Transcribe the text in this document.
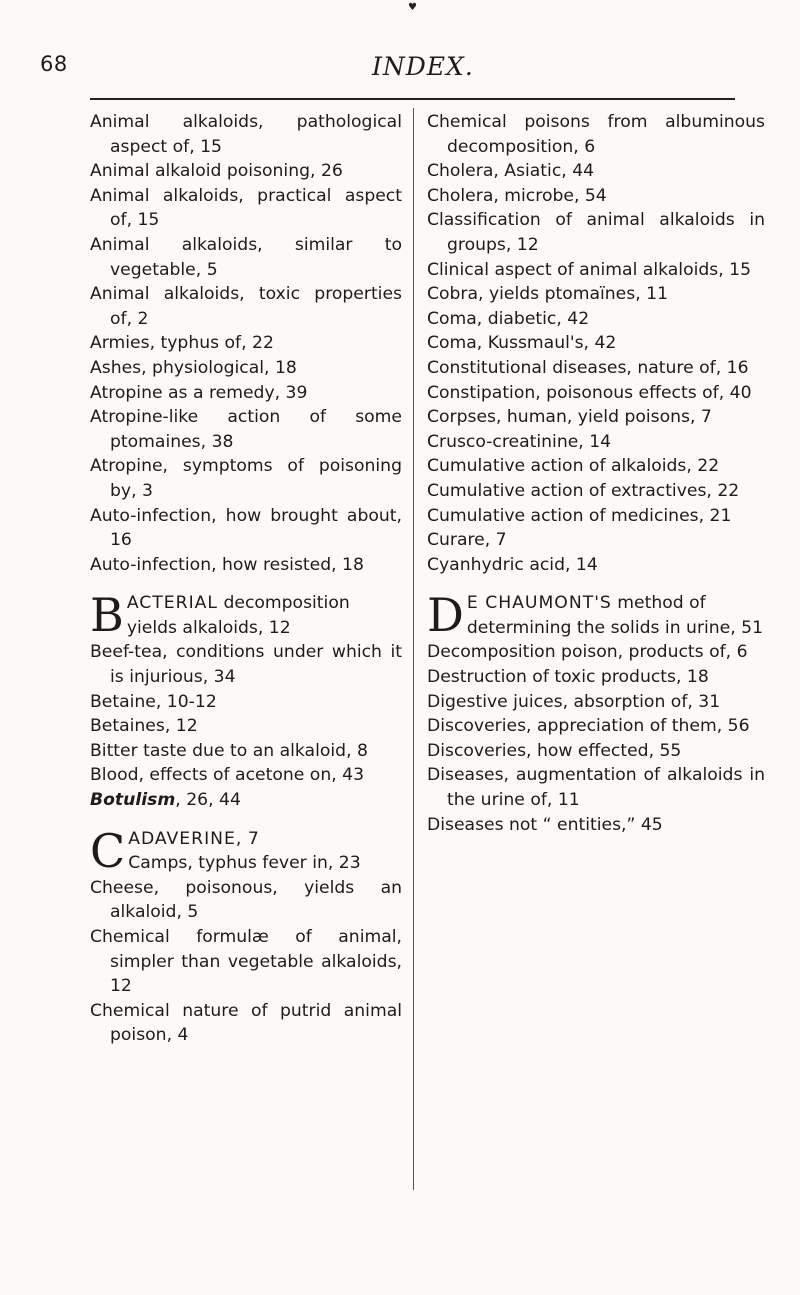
♥
68	INDEX.

Animal alkaloids, pathological aspect of, 15

Animal alkaloid poisoning, 26

Animal alkaloids, practical aspect of, 15

Animal alkaloids, similar to vegetable, 5

Animal alkaloids, toxic properties of, 2

Armies, typhus of, 22

Ashes, physiological, 18

Atropine as a remedy, 39

Atropine-like action of some ptomaines, 38

Atropine, symptoms of poisoning by, 3

Auto-infection, how brought about, 16

Auto-infection, how resisted, 18

B ACTERIAL decomposition yields alkaloids, 12

Beef-tea, conditions under which it is injurious, 34

Betaine, 10-12

Betaines, 12

Bitter taste due to an alkaloid, 8

Blood, effects of acetone on, 43

Botulism, 26, 44

C ADAVERINE, 7
Camps, typhus fever in, 23

Cheese, poisonous, yields an alkaloid, 5

Chemical formulæ of animal, simpler than vegetable alkaloids, 12

Chemical nature of putrid animal poison, 4

Chemical poisons from albuminous decomposition, 6

Cholera, Asiatic, 44

Cholera, microbe, 54

Classification of animal alkaloids in groups, 12

Clinical aspect of animal alkaloids, 15

Cobra, yields ptomaïnes, 11

Coma, diabetic, 42

Coma, Kussmaul's, 42

Constitutional diseases, nature of, 16

Constipation, poisonous effects of, 40

Corpses, human, yield poisons, 7

Crusco-creatinine, 14

Cumulative action of alkaloids, 22

Cumulative action of extractives, 22

Cumulative action of medicines, 21

Curare, 7

Cyanhydric acid, 14

D E CHAUMONT'S method of determining the solids in urine, 51

Decomposition poison, products of, 6

Destruction of toxic products, 18

Digestive juices, absorption of, 31

Discoveries, appreciation of them, 56

Discoveries, how effected, 55

Diseases, augmentation of alkaloids in the urine of, 11

Diseases not “ entities,” 45
